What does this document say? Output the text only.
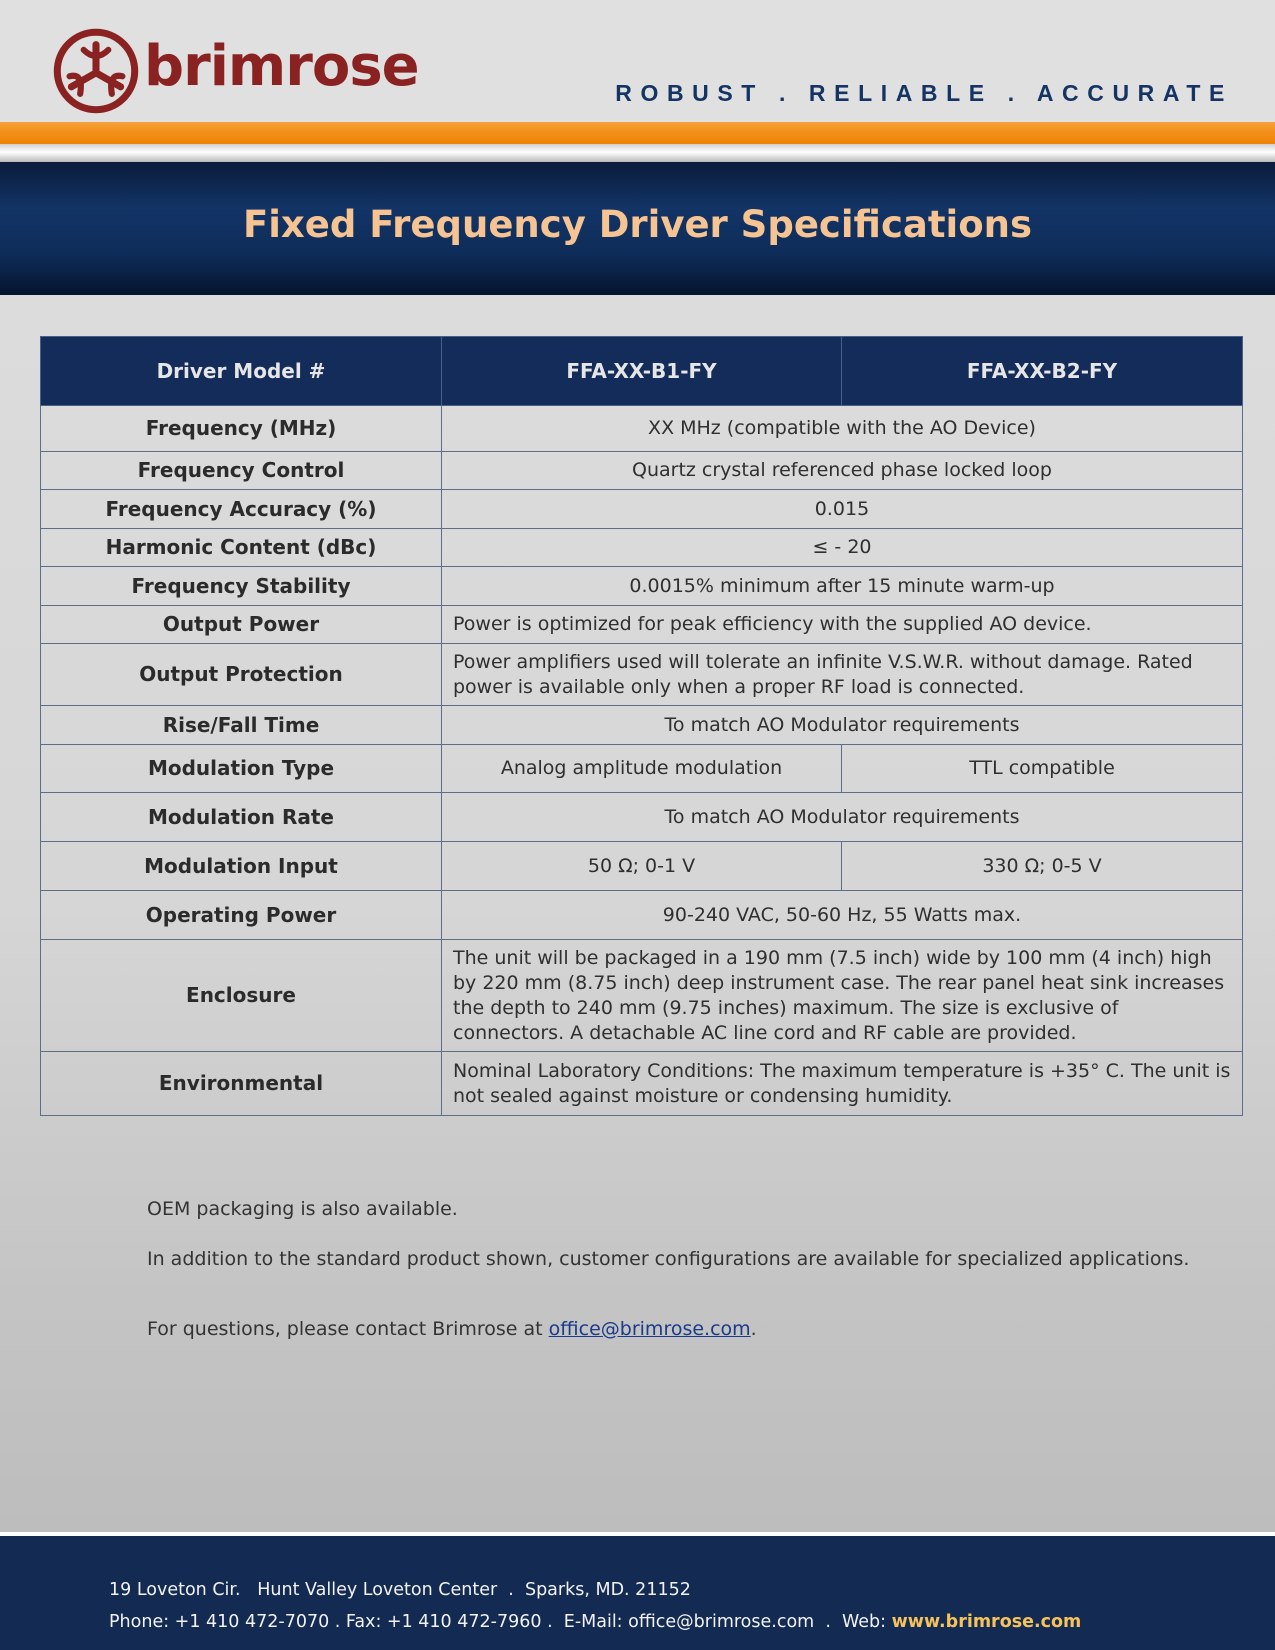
brimrose	ROBUST . RELIABLE . ACCURATE
Fixed Frequency Driver Specifications
Driver Model #	FFA-XX-B1-FY	FFA-XX-B2-FY
Frequency (MHz)	XX MHz (compatible with the AO Device)	
Frequency Control	Quartz crystal referenced phase locked loop	
Frequency Accuracy (%)	0.015	
Harmonic Content (dBc)	≤ - 20	
Frequency Stability	0.0015% minimum after 15 minute warm-up	
Output Power	Power is optimized for peak efficiency with the supplied AO device.	
Output Protection	Power amplifiers used will tolerate an infinite V.S.W.R. without damage. Rated power is available only when a proper RF load is connected.	
Rise/Fall Time	To match AO Modulator requirements	
Modulation Type	Analog amplitude modulation	TTL compatible
Modulation Rate	To match AO Modulator requirements	
Modulation Input	50 Ω; 0-1 V	330 Ω; 0-5 V
Operating Power	90-240 VAC, 50-60 Hz, 55 Watts max.	
Enclosure	The unit will be packaged in a 190 mm (7.5 inch) wide by 100 mm (4 inch) high by 220 mm (8.75 inch) deep instrument case. The rear panel heat sink increases the depth to 240 mm (9.75 inches) maximum. The size is exclusive of connectors. A detachable AC line cord and RF cable are provided.	
Environmental	Nominal Laboratory Conditions: The maximum temperature is +35° C. The unit is not sealed against moisture or condensing humidity.	

OEM packaging is also available.

In addition to the standard product shown, customer configurations are available for specialized applications.

For questions, please contact Brimrose at office@brimrose.com.

19 Loveton Cir.   Hunt Valley Loveton Center  .  Sparks, MD. 21152
Phone: +1 410 472-7070 . Fax: +1 410 472-7960 .  E-Mail: office@brimrose.com  .  Web: www.brimrose.com
